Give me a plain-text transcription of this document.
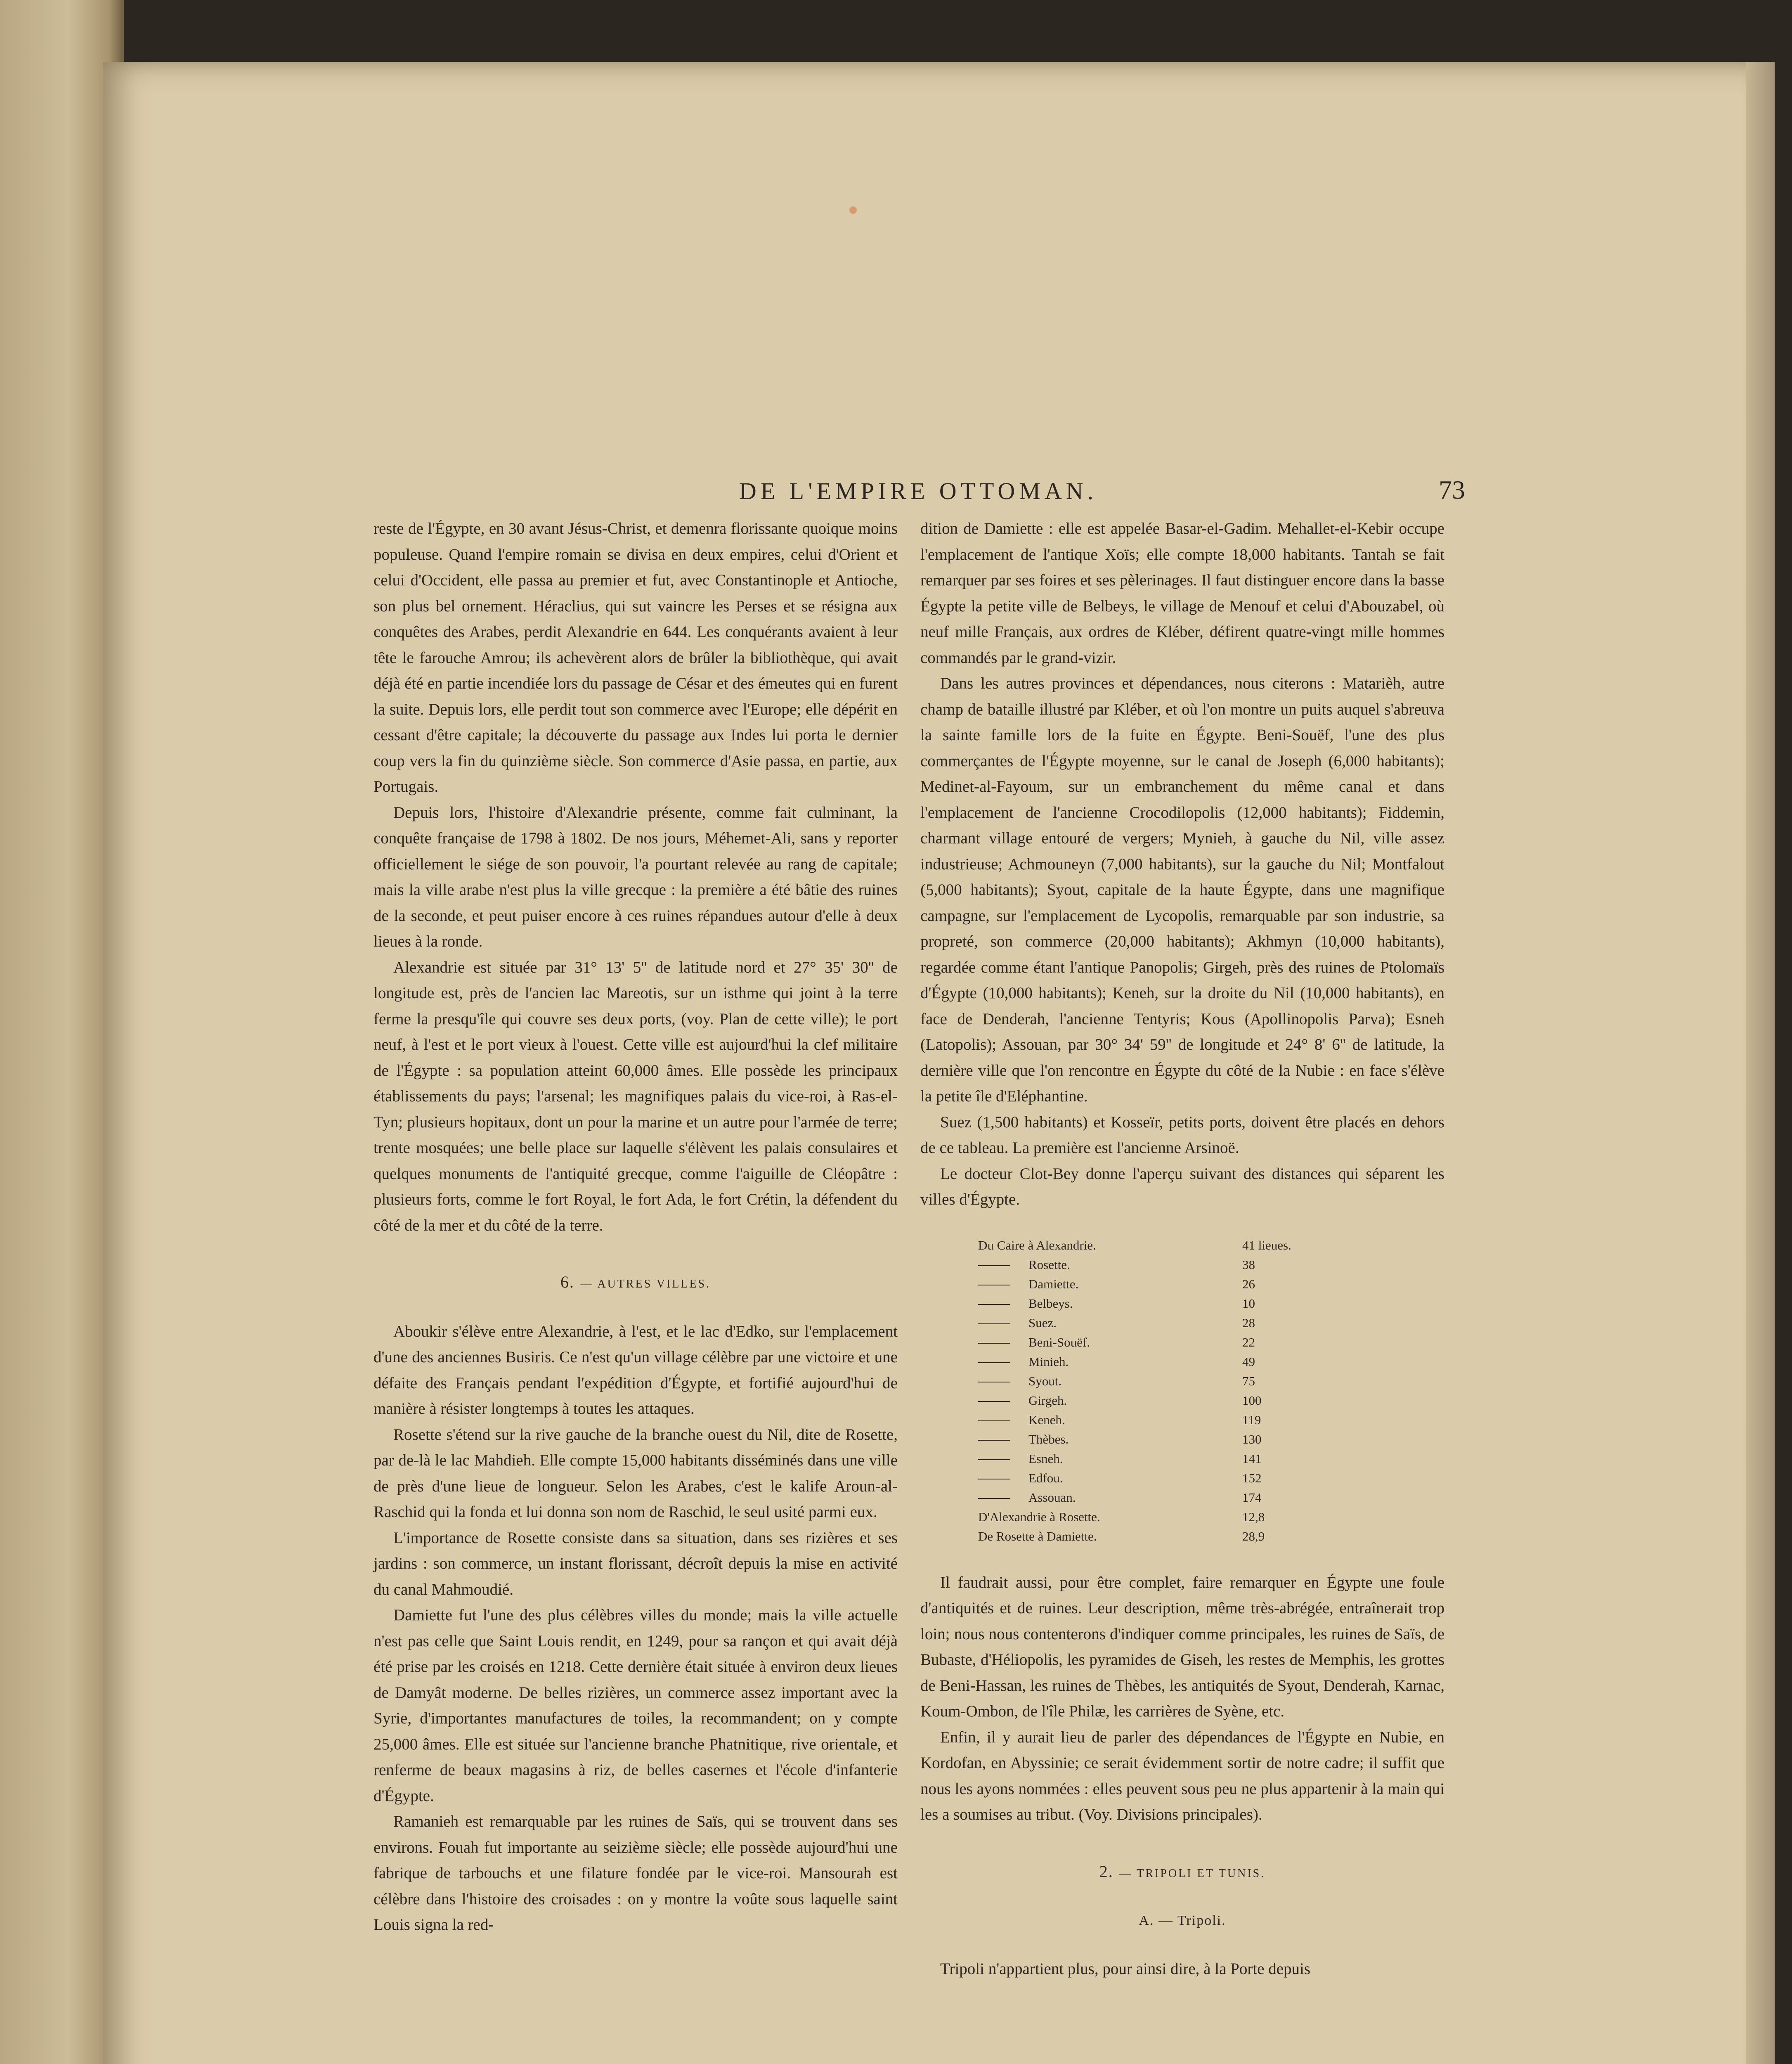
DE L'EMPIRE OTTOMAN.	73

reste de l'Égypte, en 30 avant Jésus-Christ, et demenra florissante quoique moins populeuse. Quand l'empire romain se divisa en deux empires, celui d'Orient et celui d'Occident, elle passa au premier et fut, avec Constantinople et Antioche, son plus bel ornement. Héraclius, qui sut vaincre les Perses et se résigna aux conquêtes des Arabes, perdit Alexandrie en 644. Les conquérants avaient à leur tête le farouche Amrou; ils achevèrent alors de brûler la bibliothèque, qui avait déjà été en partie incendiée lors du passage de César et des émeutes qui en furent la suite. Depuis lors, elle perdit tout son commerce avec l'Europe; elle dépérit en cessant d'être capitale; la découverte du passage aux Indes lui porta le dernier coup vers la fin du quinzième siècle. Son commerce d'Asie passa, en partie, aux Portugais.

Depuis lors, l'histoire d'Alexandrie présente, comme fait culminant, la conquête française de 1798 à 1802. De nos jours, Méhemet-Ali, sans y reporter officiellement le siége de son pouvoir, l'a pourtant relevée au rang de capitale; mais la ville arabe n'est plus la ville grecque : la première a été bâtie des ruines de la seconde, et peut puiser encore à ces ruines répandues autour d'elle à deux lieues à la ronde.

Alexandrie est située par 31° 13' 5'' de latitude nord et 27° 35' 30'' de longitude est, près de l'ancien lac Mareotis, sur un isthme qui joint à la terre ferme la presqu'île qui couvre ses deux ports, (voy. Plan de cette ville); le port neuf, à l'est et le port vieux à l'ouest. Cette ville est aujourd'hui la clef militaire de l'Égypte : sa population atteint 60,000 âmes. Elle possède les principaux établissements du pays; l'arsenal; les magnifiques palais du vice-roi, à Ras-el-Tyn; plusieurs hopitaux, dont un pour la marine et un autre pour l'armée de terre; trente mosquées; une belle place sur laquelle s'élèvent les palais consulaires et quelques monuments de l'antiquité grecque, comme l'aiguille de Cléopâtre : plusieurs forts, comme le fort Royal, le fort Ada, le fort Crétin, la défendent du côté de la mer et du côté de la terre.

6. — AUTRES VILLES.

Aboukir s'élève entre Alexandrie, à l'est, et le lac d'Edko, sur l'emplacement d'une des anciennes Busiris. Ce n'est qu'un village célèbre par une victoire et une défaite des Français pendant l'expédition d'Égypte, et fortifié aujourd'hui de manière à résister longtemps à toutes les attaques.

Rosette s'étend sur la rive gauche de la branche ouest du Nil, dite de Rosette, par de-là le lac Mahdieh. Elle compte 15,000 habitants disséminés dans une ville de près d'une lieue de longueur. Selon les Arabes, c'est le kalife Aroun-al-Raschid qui la fonda et lui donna son nom de Raschid, le seul usité parmi eux.

L'importance de Rosette consiste dans sa situation, dans ses rizières et ses jardins : son commerce, un instant florissant, décroît depuis la mise en activité du canal Mahmoudié.

Damiette fut l'une des plus célèbres villes du monde; mais la ville actuelle n'est pas celle que Saint Louis rendit, en 1249, pour sa rançon et qui avait déjà été prise par les croisés en 1218. Cette dernière était située à environ deux lieues de Damyât moderne. De belles rizières, un commerce assez important avec la Syrie, d'importantes manufactures de toiles, la recommandent; on y compte 25,000 âmes. Elle est située sur l'ancienne branche Phatnitique, rive orientale, et renferme de beaux magasins à riz, de belles casernes et l'école d'infanterie d'Égypte.

Ramanieh est remarquable par les ruines de Saïs, qui se trouvent dans ses environs. Fouah fut importante au seizième siècle; elle possède aujourd'hui une fabrique de tarbouchs et une filature fondée par le vice-roi. Mansourah est célèbre dans l'histoire des croisades : on y montre la voûte sous laquelle saint Louis signa la red-

dition de Damiette : elle est appelée Basar-el-Gadim. Mehallet-el-Kebir occupe l'emplacement de l'antique Xoïs; elle compte 18,000 habitants. Tantah se fait remarquer par ses foires et ses pèlerinages. Il faut distinguer encore dans la basse Égypte la petite ville de Belbeys, le village de Menouf et celui d'Abouzabel, où neuf mille Français, aux ordres de Kléber, défirent quatre-vingt mille hommes commandés par le grand-vizir.

Dans les autres provinces et dépendances, nous citerons : Matarièh, autre champ de bataille illustré par Kléber, et où l'on montre un puits auquel s'abreuva la sainte famille lors de la fuite en Égypte. Beni-Souëf, l'une des plus commerçantes de l'Égypte moyenne, sur le canal de Joseph (6,000 habitants); Medinet-al-Fayoum, sur un embranchement du même canal et dans l'emplacement de l'ancienne Crocodilopolis (12,000 habitants); Fiddemin, charmant village entouré de vergers; Mynieh, à gauche du Nil, ville assez industrieuse; Achmouneyn (7,000 habitants), sur la gauche du Nil; Montfalout (5,000 habitants); Syout, capitale de la haute Égypte, dans une magnifique campagne, sur l'emplacement de Lycopolis, remarquable par son industrie, sa propreté, son commerce (20,000 habitants); Akhmyn (10,000 habitants), regardée comme étant l'antique Panopolis; Girgeh, près des ruines de Ptolomaïs d'Égypte (10,000 habitants); Keneh, sur la droite du Nil (10,000 habitants), en face de Denderah, l'ancienne Tentyris; Kous (Apollinopolis Parva); Esneh (Latopolis); Assouan, par 30° 34' 59'' de longitude et 24° 8' 6'' de latitude, la dernière ville que l'on rencontre en Égypte du côté de la Nubie : en face s'élève la petite île d'Eléphantine.

Suez (1,500 habitants) et Kosseïr, petits ports, doivent être placés en dehors de ce tableau. La première est l'ancienne Arsinoë.

Le docteur Clot-Bey donne l'aperçu suivant des distances qui séparent les villes d'Égypte.

Du Caire à Alexandrie.	41 lieues.
Rosette.	38
Damiette.	26
Belbeys.	10
Suez.	28
Beni-Souëf.	22
Minieh.	49
Syout.	75
Girgeh.	100
Keneh.	119
Thèbes.	130
Esneh.	141
Edfou.	152
Assouan.	174
D'Alexandrie à Rosette.	12,8
De Rosette à Damiette.	28,9

Il faudrait aussi, pour être complet, faire remarquer en Égypte une foule d'antiquités et de ruines. Leur description, même très-abrégée, entraînerait trop loin; nous nous contenterons d'indiquer comme principales, les ruines de Saïs, de Bubaste, d'Héliopolis, les pyramides de Giseh, les restes de Memphis, les grottes de Beni-Hassan, les ruines de Thèbes, les antiquités de Syout, Denderah, Karnac, Koum-Ombon, de l'île Philæ, les carrières de Syène, etc.

Enfin, il y aurait lieu de parler des dépendances de l'Égypte en Nubie, en Kordofan, en Abyssinie; ce serait évidemment sortir de notre cadre; il suffit que nous les ayons nommées : elles peuvent sous peu ne plus appartenir à la main qui les a soumises au tribut. (Voy. Divisions principales).

2. — TRIPOLI ET TUNIS.
A. — Tripoli.

Tripoli n'appartient plus, pour ainsi dire, à la Porte depuis
